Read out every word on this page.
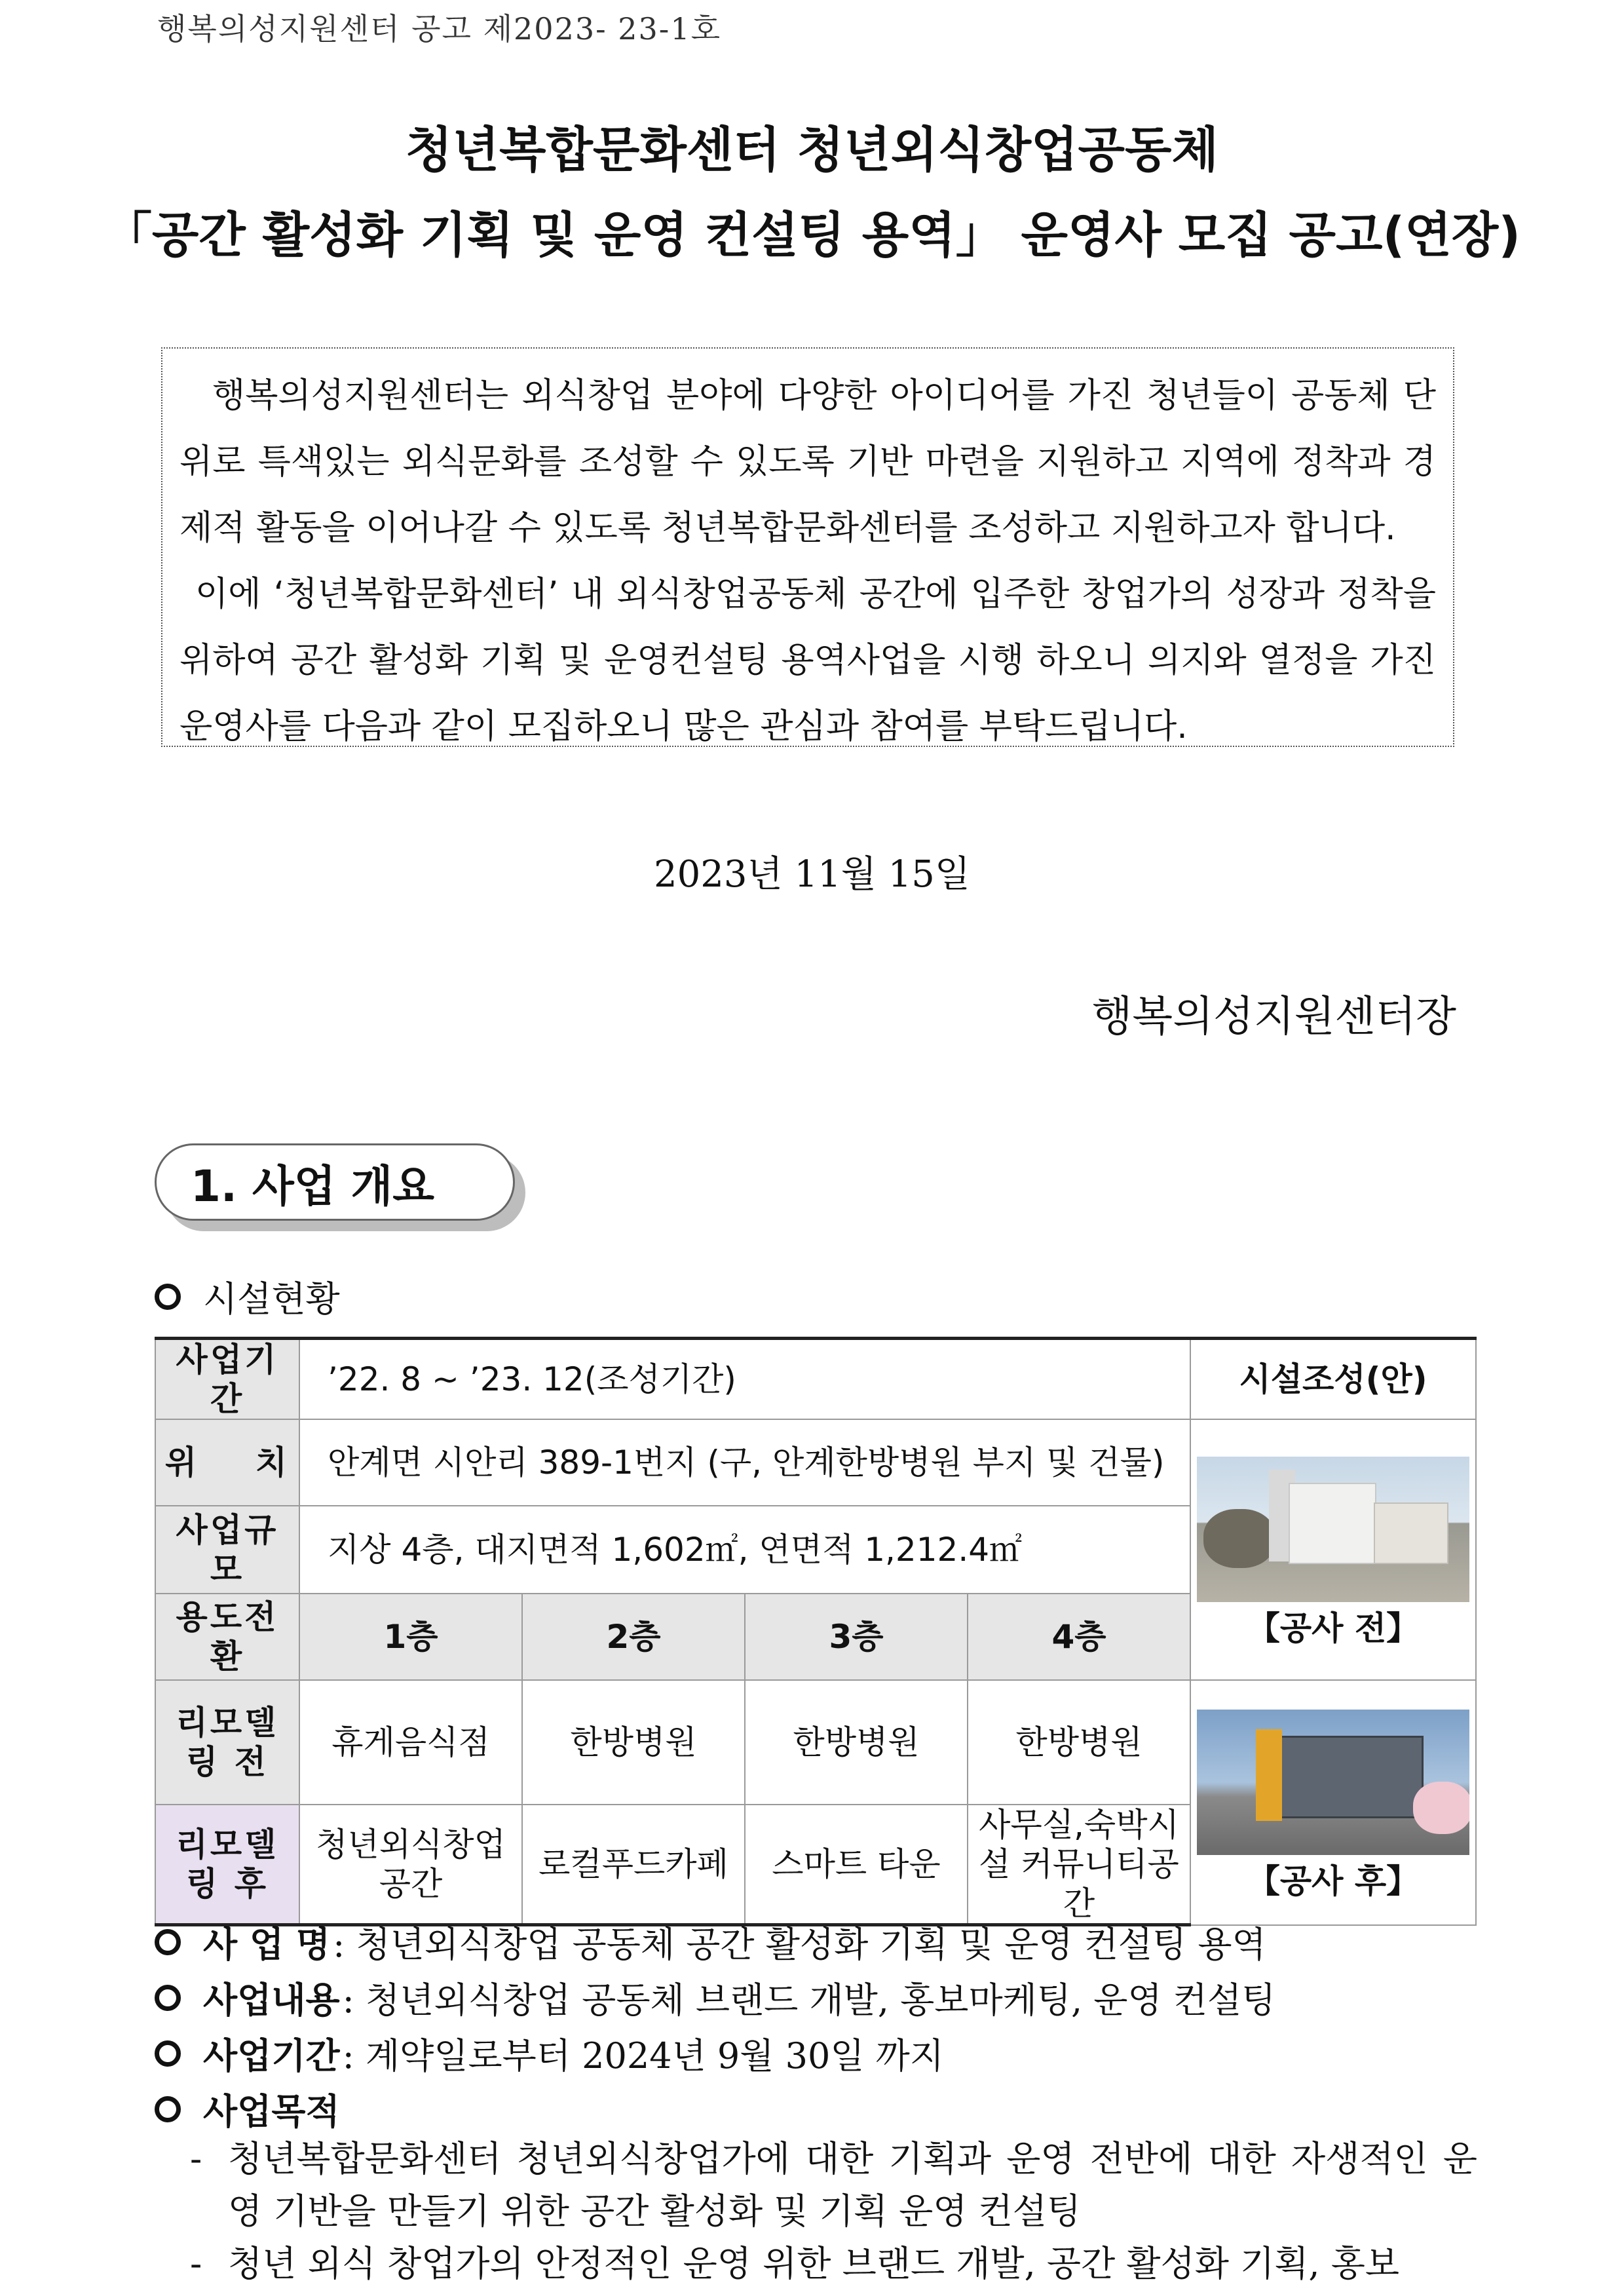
행복의성지원센터 공고 제2023- 23-1호
청년복합문화센터 청년외식창업공동체
「공간 활성화 기획 및 운영 컨설팅 용역」 운영사 모집 공고(연장)

행복의성지원센터는 외식창업 분야에 다양한 아이디어를 가진 청년들이 공동체 단위로 특색있는 외식문화를 조성할 수 있도록 기반 마련을 지원하고 지역에 정착과 경제적 활동을 이어나갈 수 있도록 청년복합문화센터를 조성하고 지원하고자 합니다.

이에 ‘청년복합문화센터’ 내 외식창업공동체 공간에 입주한 창업가의 성장과 정착을 위하여 공간 활성화 기획 및 운영컨설팅 용역사업을 시행 하오니 의지와 열정을 가진 운영사를 다음과 같이 모집하오니 많은 관심과 참여를 부탁드립니다.

2023년 11월 15일
행복의성지원센터장
1. 사업 개요
시설현황
사업기간	’22. 8 ~ ’23. 12(조성기간)				시설조성(안)
위    치	안계면 시안리 389-1번지 (구, 안계한방병원 부지 및 건물)				【공사 전】

사업규모	지상 4층, 대지면적 1,602㎡, 연면적 1,212.4㎡				
용도전환	1층	2층	3층	4층	
리모델링 전	휴게음식점	한방병원	한방병원	한방병원	【공사 후】

리모델링 후	청년외식창업 공간	로컬푸드카페	스마트 타운	사무실,숙박시설 커뮤니티공간	
사 업 명 : 청년외식창업 공동체 공간 활성화 기획 및 운영 컨설팅 용역
사업내용 : 청년외식창업 공동체 브랜드 개발, 홍보마케팅, 운영 컨설팅
사업기간 : 계약일로부터 2024년 9월 30일 까지
사업목적
- 청년복합문화센터 청년외식창업가에 대한 기획과 운영 전반에 대한 자생적인 운영 기반을 만들기 위한 공간 활성화 및 기획 운영 컨설팅
- 청년 외식 창업가의 안정적인 운영 위한 브랜드 개발, 공간 활성화 기획, 홍보
